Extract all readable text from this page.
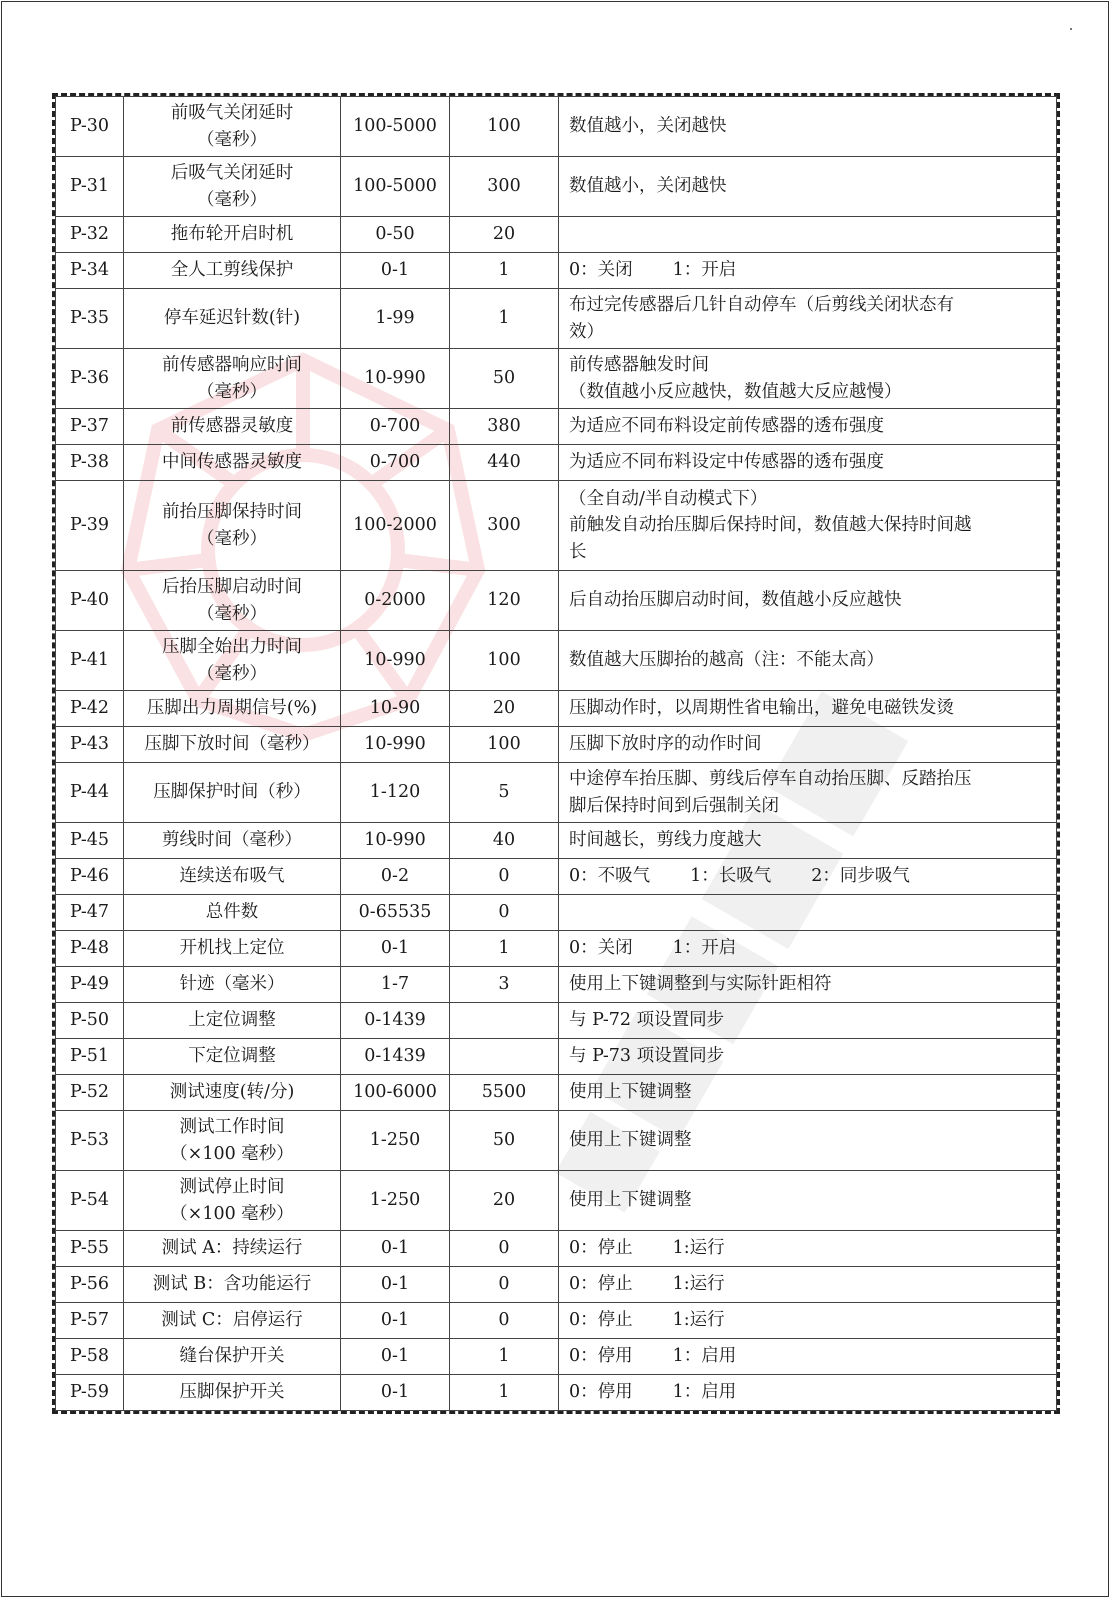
P-30	前吸气关闭延时
（毫秒）	100-5000	100	数值越小，关闭越快

P-31	后吸气关闭延时
（毫秒）	100-5000	300	数值越小，关闭越快

P-32	拖布轮开启时机	0-50	20	

P-34	全人工剪线保护	0-1	1	0：关闭 1：开启
P-35	停车延迟针数(针)	1-99	1	布过完传感器后几针自动停车（后剪线关闭状态有
效）

P-36	前传感器响应时间
（毫秒）	10-990	50	前传感器触发时间
（数值越小反应越快，数值越大反应越慢）

P-37	前传感器灵敏度	0-700	380	为适应不同布料设定前传感器的透布强度

P-38	中间传感器灵敏度	0-700	440	为适应不同布料设定中传感器的透布强度

P-39	前抬压脚保持时间
（毫秒）	100-2000	300	（全自动/半自动模式下）
前触发自动抬压脚后保持时间，数值越大保持时间越
长

P-40	后抬压脚启动时间
（毫秒）	0-2000	120	后自动抬压脚启动时间，数值越小反应越快

P-41	压脚全始出力时间
（毫秒）	10-990	100	数值越大压脚抬的越高（注：不能太高）

P-42	压脚出力周期信号(%)	10-90	20	压脚动作时，以周期性省电输出，避免电磁铁发烫

P-43	压脚下放时间（毫秒）	10-990	100	压脚下放时序的动作时间

P-44	压脚保护时间（秒）	1-120	5	中途停车抬压脚、剪线后停车自动抬压脚、反踏抬压
脚后保持时间到后强制关闭

P-45	剪线时间（毫秒）	10-990	40	时间越长，剪线力度越大

P-46	连续送布吸气	0-2	0	0：不吸气 1：长吸气 2：同步吸气
P-47	总件数	0-65535	0	

P-48	开机找上定位	0-1	1	0：关闭 1：开启
P-49	针迹（毫米）	1-7	3	使用上下键调整到与实际针距相符

P-50	上定位调整	0-1439		与 P-72 项设置同步

P-51	下定位调整	0-1439		与 P-73 项设置同步

P-52	测试速度(转/分)	100-6000	5500	使用上下键调整

P-53	测试工作时间
（×100 毫秒）	1-250	50	使用上下键调整

P-54	测试停止时间
（×100 毫秒）	1-250	20	使用上下键调整

P-55	测试 A：持续运行	0-1	0	0：停止 1:运行
P-56	测试 B：含功能运行	0-1	0	0：停止 1:运行
P-57	测试 C：启停运行	0-1	0	0：停止 1:运行
P-58	缝台保护开关	0-1	1	0：停用 1：启用
P-59	压脚保护开关	0-1	1	0：停用 1：启用
